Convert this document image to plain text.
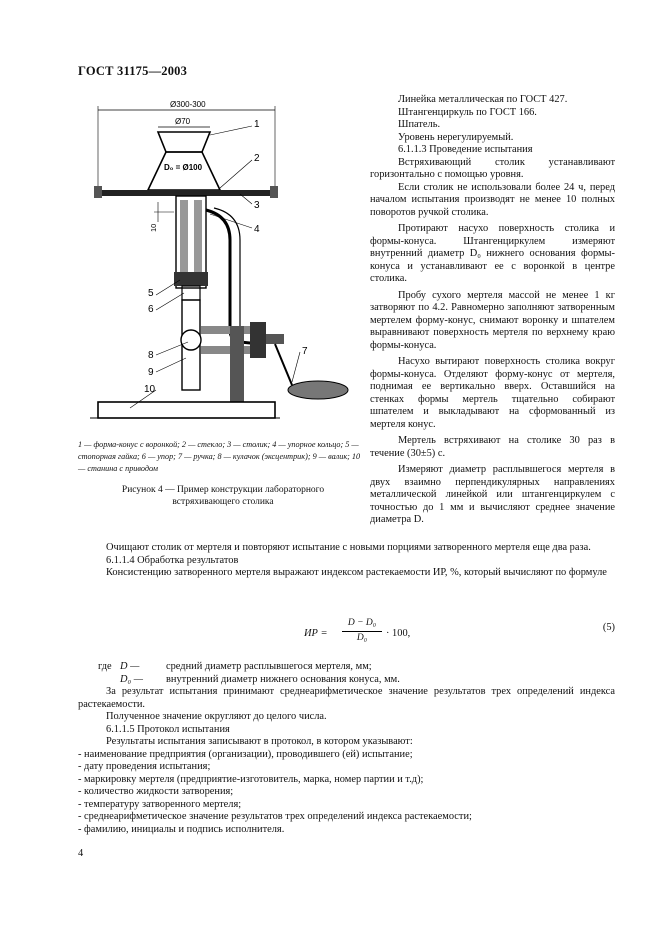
ГОСТ 31175—2003
Ø300-300
Ø70
D₀ = Ø100
10
1
2
3
4
5
6
7
8
9
10
1 — форма-конус с воронкой; 2 — стекло; 3 — столик; 4 — упорное кольцо; 5 — стопорная гайка; 6 — упор; 7 — ручка; 8 — кулачок (эксцентрик); 9 — валик; 10 — станина с приводом
Рисунок 4 — Пример конструкции лабораторного
встряхивающего столика

Линейка металлическая по ГОСТ 427.

Штангенциркуль по ГОСТ 166.

Шпатель.

Уровень нерегулируемый.

6.1.1.3 Проведение испытания

Встряхивающий столик устанавливают горизонтально с помощью уровня.

Если столик не использовали более 24 ч, перед началом испытания производят не менее 10 полных поворотов ручкой столика.

Протирают насухо поверхность столика и формы-конуса. Штангенциркулем измеряют внутренний диаметр D₀ нижнего основания формы-конуса и устанавливают ее с воронкой в центре столика.

Пробу сухого мертеля массой не менее 1 кг затворяют по 4.2. Равномерно заполняют затворенным мертелем форму-конус, снимают воронку и шпателем выравнивают поверхность мертеля по верхнему краю формы-конуса.

Насухо вытирают поверхность столика вокруг формы-конуса. Отделяют форму-конус от мертеля, поднимая ее вертикально вверх. Оставшийся на стенках формы мертель тщательно собирают шпателем и выкладывают на сформованный из мертеля конус.

Мертель встряхивают на столике 30 раз в течение (30±5) с.

Измеряют диаметр расплывшегося мертеля в двух взаимно перпендикулярных направлениях металлической линейкой или штангенциркулем с точностью до 1 мм и вычисляют среднее значение диаметра D.

Очищают столик от мертеля и повторяют испытание с новыми порциями затворенного мертеля еще два раза.

6.1.1.4 Обработка результатов

Консистенцию затворенного мертеля выражают индексом растекаемости ИР, %, который вычисляют по формуле

ИР =
D − D₀
D₀	· 100,
(5)
где D —	средний диаметр расплывшегося мертеля, мм;
D₀ —	внутренний диаметр нижнего основания конуса, мм.

За результат испытания принимают среднеарифметическое значение результатов трех определений индекса растекаемости.

Полученное значение округляют до целого числа.

6.1.1.5 Протокол испытания

Результаты испытания записывают в протокол, в котором указывают:

- наименование предприятия (организации), проводившего (ей) испытание;

- дату проведения испытания;

- маркировку мертеля (предприятие-изготовитель, марка, номер партии и т.д);

- количество жидкости затворения;

- температуру затворенного мертеля;

- среднеарифметическое значение результатов трех определений индекса растекаемости;

- фамилию, инициалы и подпись исполнителя.

4
